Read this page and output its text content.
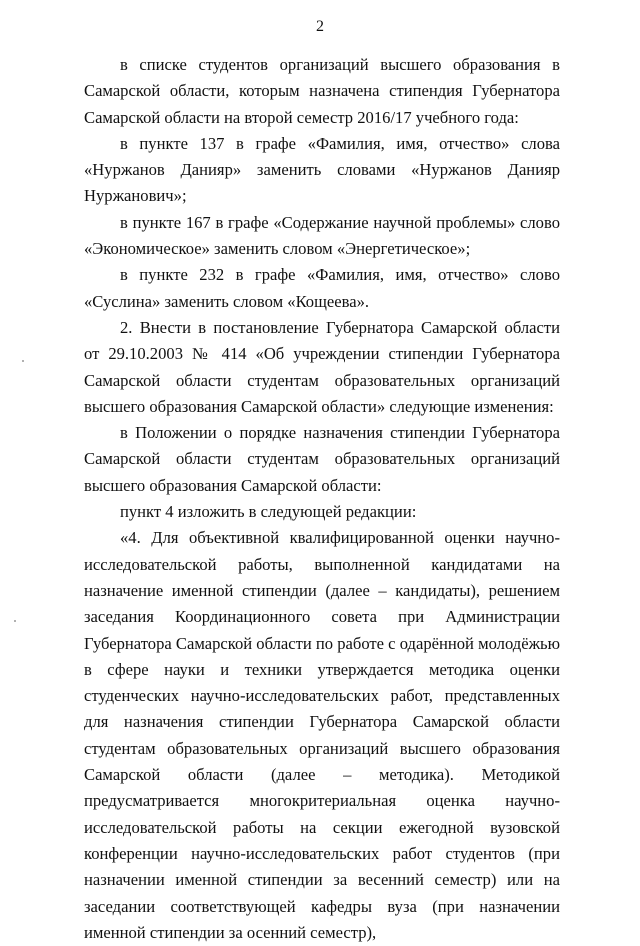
2

в списке студентов организаций высшего образования в Самарской области, которым назначена стипендия Губернатора Самарской области на второй семестр 2016/17 учебного года:

в пункте 137 в графе «Фамилия, имя, отчество» слова «Нуржанов Данияр» заменить словами «Нуржанов Данияр Нуржанович»;

в пункте 167 в графе «Содержание научной проблемы» слово «Экономическое» заменить словом «Энергетическое»;

в пункте 232 в графе «Фамилия, имя, отчество» слово «Суслина» заменить словом «Кощеева».

2. Внести в постановление Губернатора Самарской области от 29.10.2003 № 414 «Об учреждении стипендии Губернатора Самарской области студентам образовательных организаций высшего образования Самарской области» следующие изменения:

в Положении о порядке назначения стипендии Губернатора Самарской области студентам образовательных организаций высшего образования Самарской области:

пункт 4 изложить в следующей редакции:

«4. Для объективной квалифицированной оценки научно-исследовательской работы, выполненной кандидатами на назначение именной стипендии (далее – кандидаты), решением заседания Координационного совета при Администрации Губернатора Самарской области по работе с одарённой молодёжью в сфере науки и техники утверждается методика оценки студенческих научно-исследовательских работ, представленных для назначения стипендии Губернатора Самарской области студентам образовательных организаций высшего образования Самарской области (далее – методика). Методикой предусматривается многокритериальная оценка научно-исследовательской работы на секции ежегодной вузовской конференции научно-исследовательских работ студентов (при назначении именной стипендии за весенний семестр) или на заседании соответствующей кафедры вуза (при назначении именной стипендии за осенний семестр),
